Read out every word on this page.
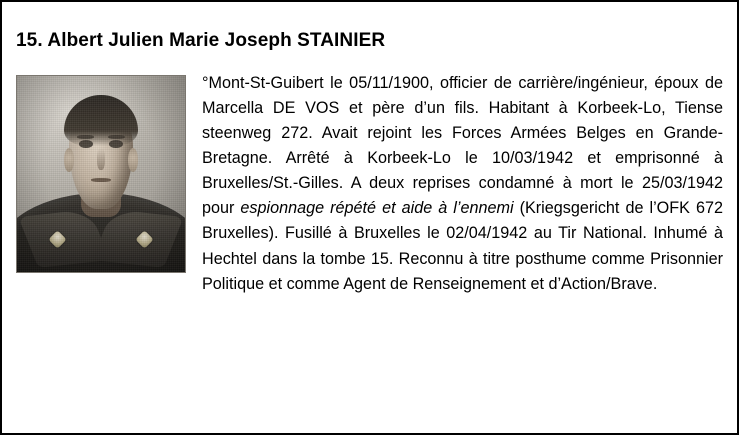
15. Albert Julien Marie Joseph STAINIER

°Mont-St-Guibert le 05/11/1900, officier de carrière/ingénieur, époux de Marcella DE VOS et père d’un fils. Habitant à Korbeek-Lo, Tiense steenweg 272. Avait rejoint les Forces Armées Belges en Grande-Bretagne. Arrêté à Korbeek-Lo le 10/03/1942 et emprisonné à Bruxelles/St.-Gilles. A deux reprises condamné à mort le 25/03/1942 pour espionnage répété et aide à l’ennemi (Kriegsgericht de l’OFK 672 Bruxelles). Fusillé à Bruxelles le 02/04/1942 au Tir National. Inhumé à Hechtel dans la tombe 15. Reconnu à titre posthume comme Prisonnier Politique et comme Agent de Renseignement et d’Action/Brave.
